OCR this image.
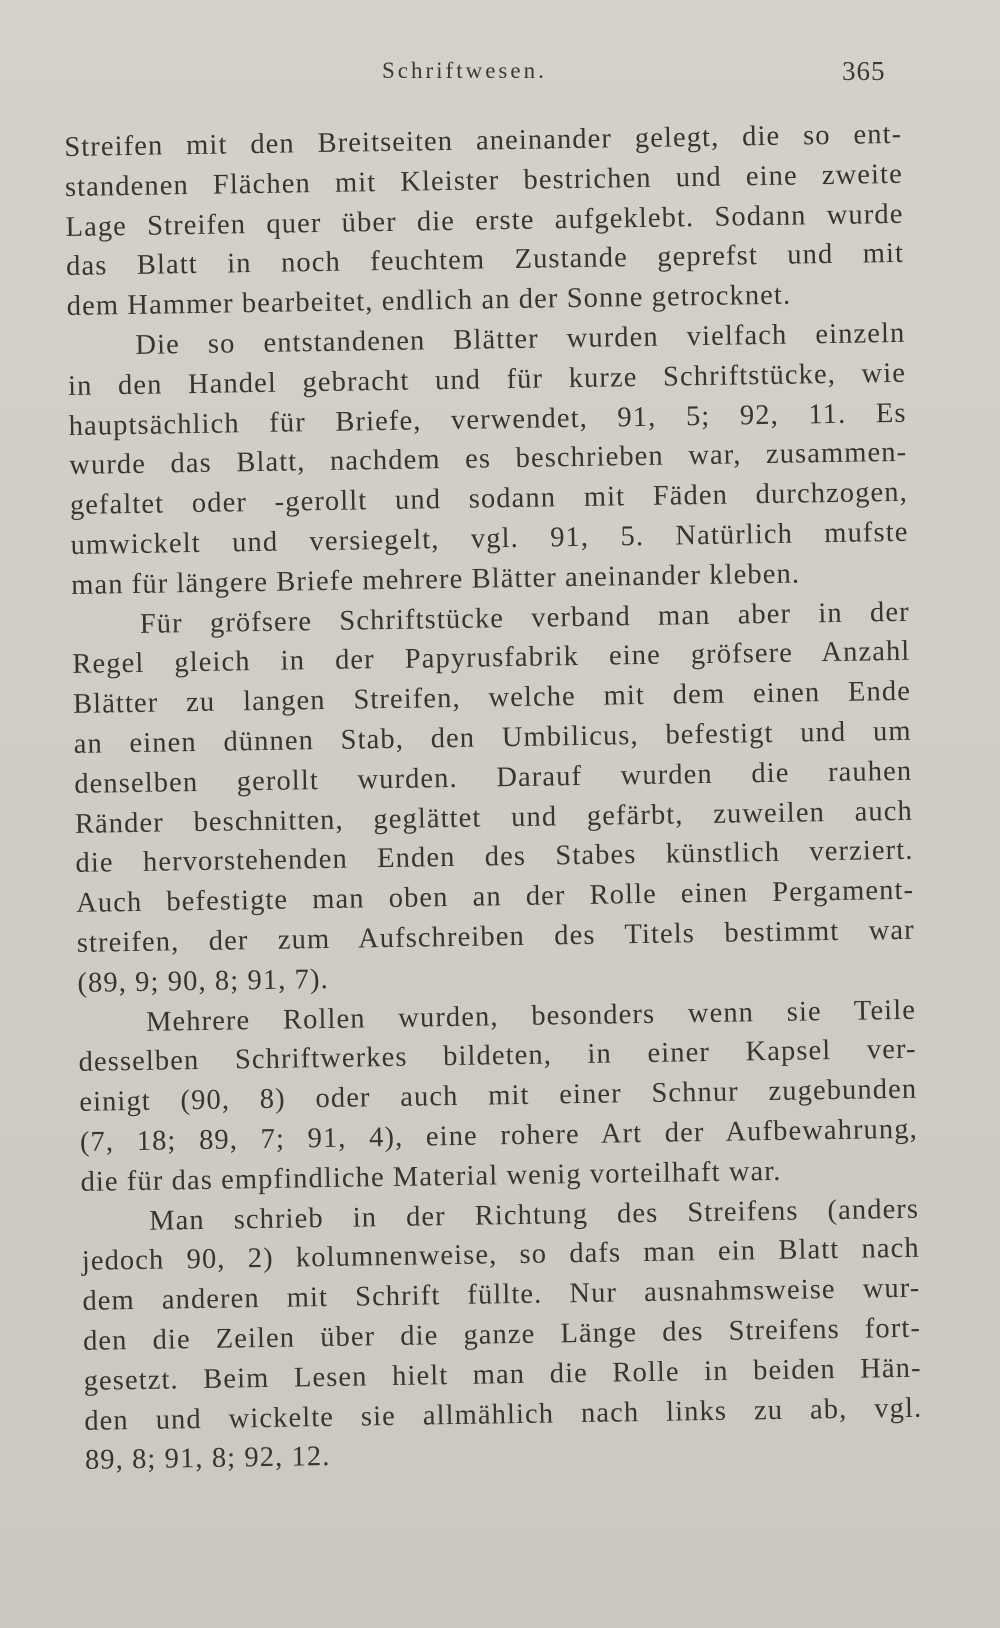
Schriftwesen.	365
Streifen mit den Breitseiten aneinander gelegt, die so ent-
standenen Flächen mit Kleister bestrichen und eine zweite
Lage Streifen quer über die erste aufgeklebt. Sodann wurde
das Blatt in noch feuchtem Zustande geprefst und mit
dem Hammer bearbeitet, endlich an der Sonne getrocknet.
Die so entstandenen Blätter wurden vielfach einzeln
in den Handel gebracht und für kurze Schriftstücke, wie
hauptsächlich für Briefe, verwendet, 91, 5; 92, 11. Es
wurde das Blatt, nachdem es beschrieben war, zusammen-
gefaltet oder -gerollt und sodann mit Fäden durchzogen,
umwickelt und versiegelt, vgl. 91, 5. Natürlich mufste
man für längere Briefe mehrere Blätter aneinander kleben.
Für gröfsere Schriftstücke verband man aber in der
Regel gleich in der Papyrusfabrik eine gröfsere Anzahl
Blätter zu langen Streifen, welche mit dem einen Ende
an einen dünnen Stab, den Umbilicus, befestigt und um
denselben gerollt wurden. Darauf wurden die rauhen
Ränder beschnitten, geglättet und gefärbt, zuweilen auch
die hervorstehenden Enden des Stabes künstlich verziert.
Auch befestigte man oben an der Rolle einen Pergament-
streifen, der zum Aufschreiben des Titels bestimmt war
(89, 9; 90, 8; 91, 7).
Mehrere Rollen wurden, besonders wenn sie Teile
desselben Schriftwerkes bildeten, in einer Kapsel ver-
einigt (90, 8) oder auch mit einer Schnur zugebunden
(7, 18; 89, 7; 91, 4), eine rohere Art der Aufbewahrung,
die für das empfindliche Material wenig vorteilhaft war.
Man schrieb in der Richtung des Streifens (anders
jedoch 90, 2) kolumnenweise, so dafs man ein Blatt nach
dem anderen mit Schrift füllte. Nur ausnahmsweise wur-
den die Zeilen über die ganze Länge des Streifens fort-
gesetzt. Beim Lesen hielt man die Rolle in beiden Hän-
den und wickelte sie allmählich nach links zu ab, vgl.
89, 8; 91, 8; 92, 12.
